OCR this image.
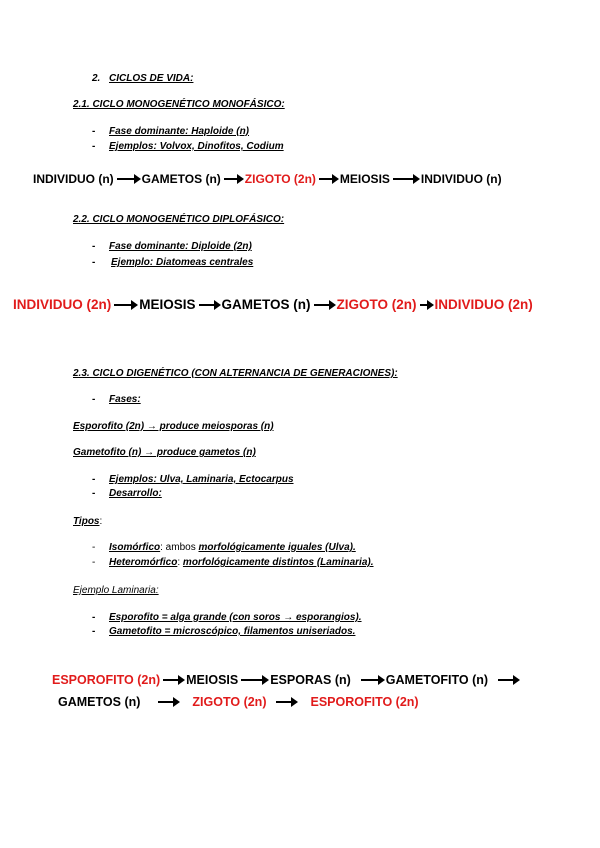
2. CICLOS DE VIDA:
2.1. CICLO MONOGENÉTICO MONOFÁSICO:
- Fase dominante: Haploide (n)
- Ejemplos: Volvox, Dinofitos, Codium
INDIVIDUO (n) GAMETOS (n) ZIGOTO (2n) MEIOSIS	INDIVIDUO (n)
2.2. CICLO MONOGENÉTICO DIPLOFÁSICO:
- Fase dominante: Diploide (2n)
- Ejemplo: Diatomeas centrales
INDIVIDUO (2n) MEIOSIS GAMETOS (n) ZIGOTO (2n) INDIVIDUO (2n)
2.3. CICLO DIGENÉTICO (CON ALTERNANCIA DE GENERACIONES):
- Fases:
Esporofito (2n) → produce meiosporas (n)
Gametofito (n) → produce gametos (n)
- Ejemplos: Ulva, Laminaria, Ectocarpus
- Desarrollo:
Tipos:
- Isomórfico: ambos morfológicamente iguales (Ulva).
- Heteromórfico: morfológicamente distintos (Laminaria).
Ejemplo Laminaria:
- Esporofito = alga grande (con soros → esporangios).
- Gametofito = microscópico, filamentos uniseriados.
ESPOROFITO (2n) MEIOSIS	ESPORAS (n)	GAMETOFITO (n)
GAMETOS (n)	ZIGOTO (2n)	ESPOROFITO (2n)
